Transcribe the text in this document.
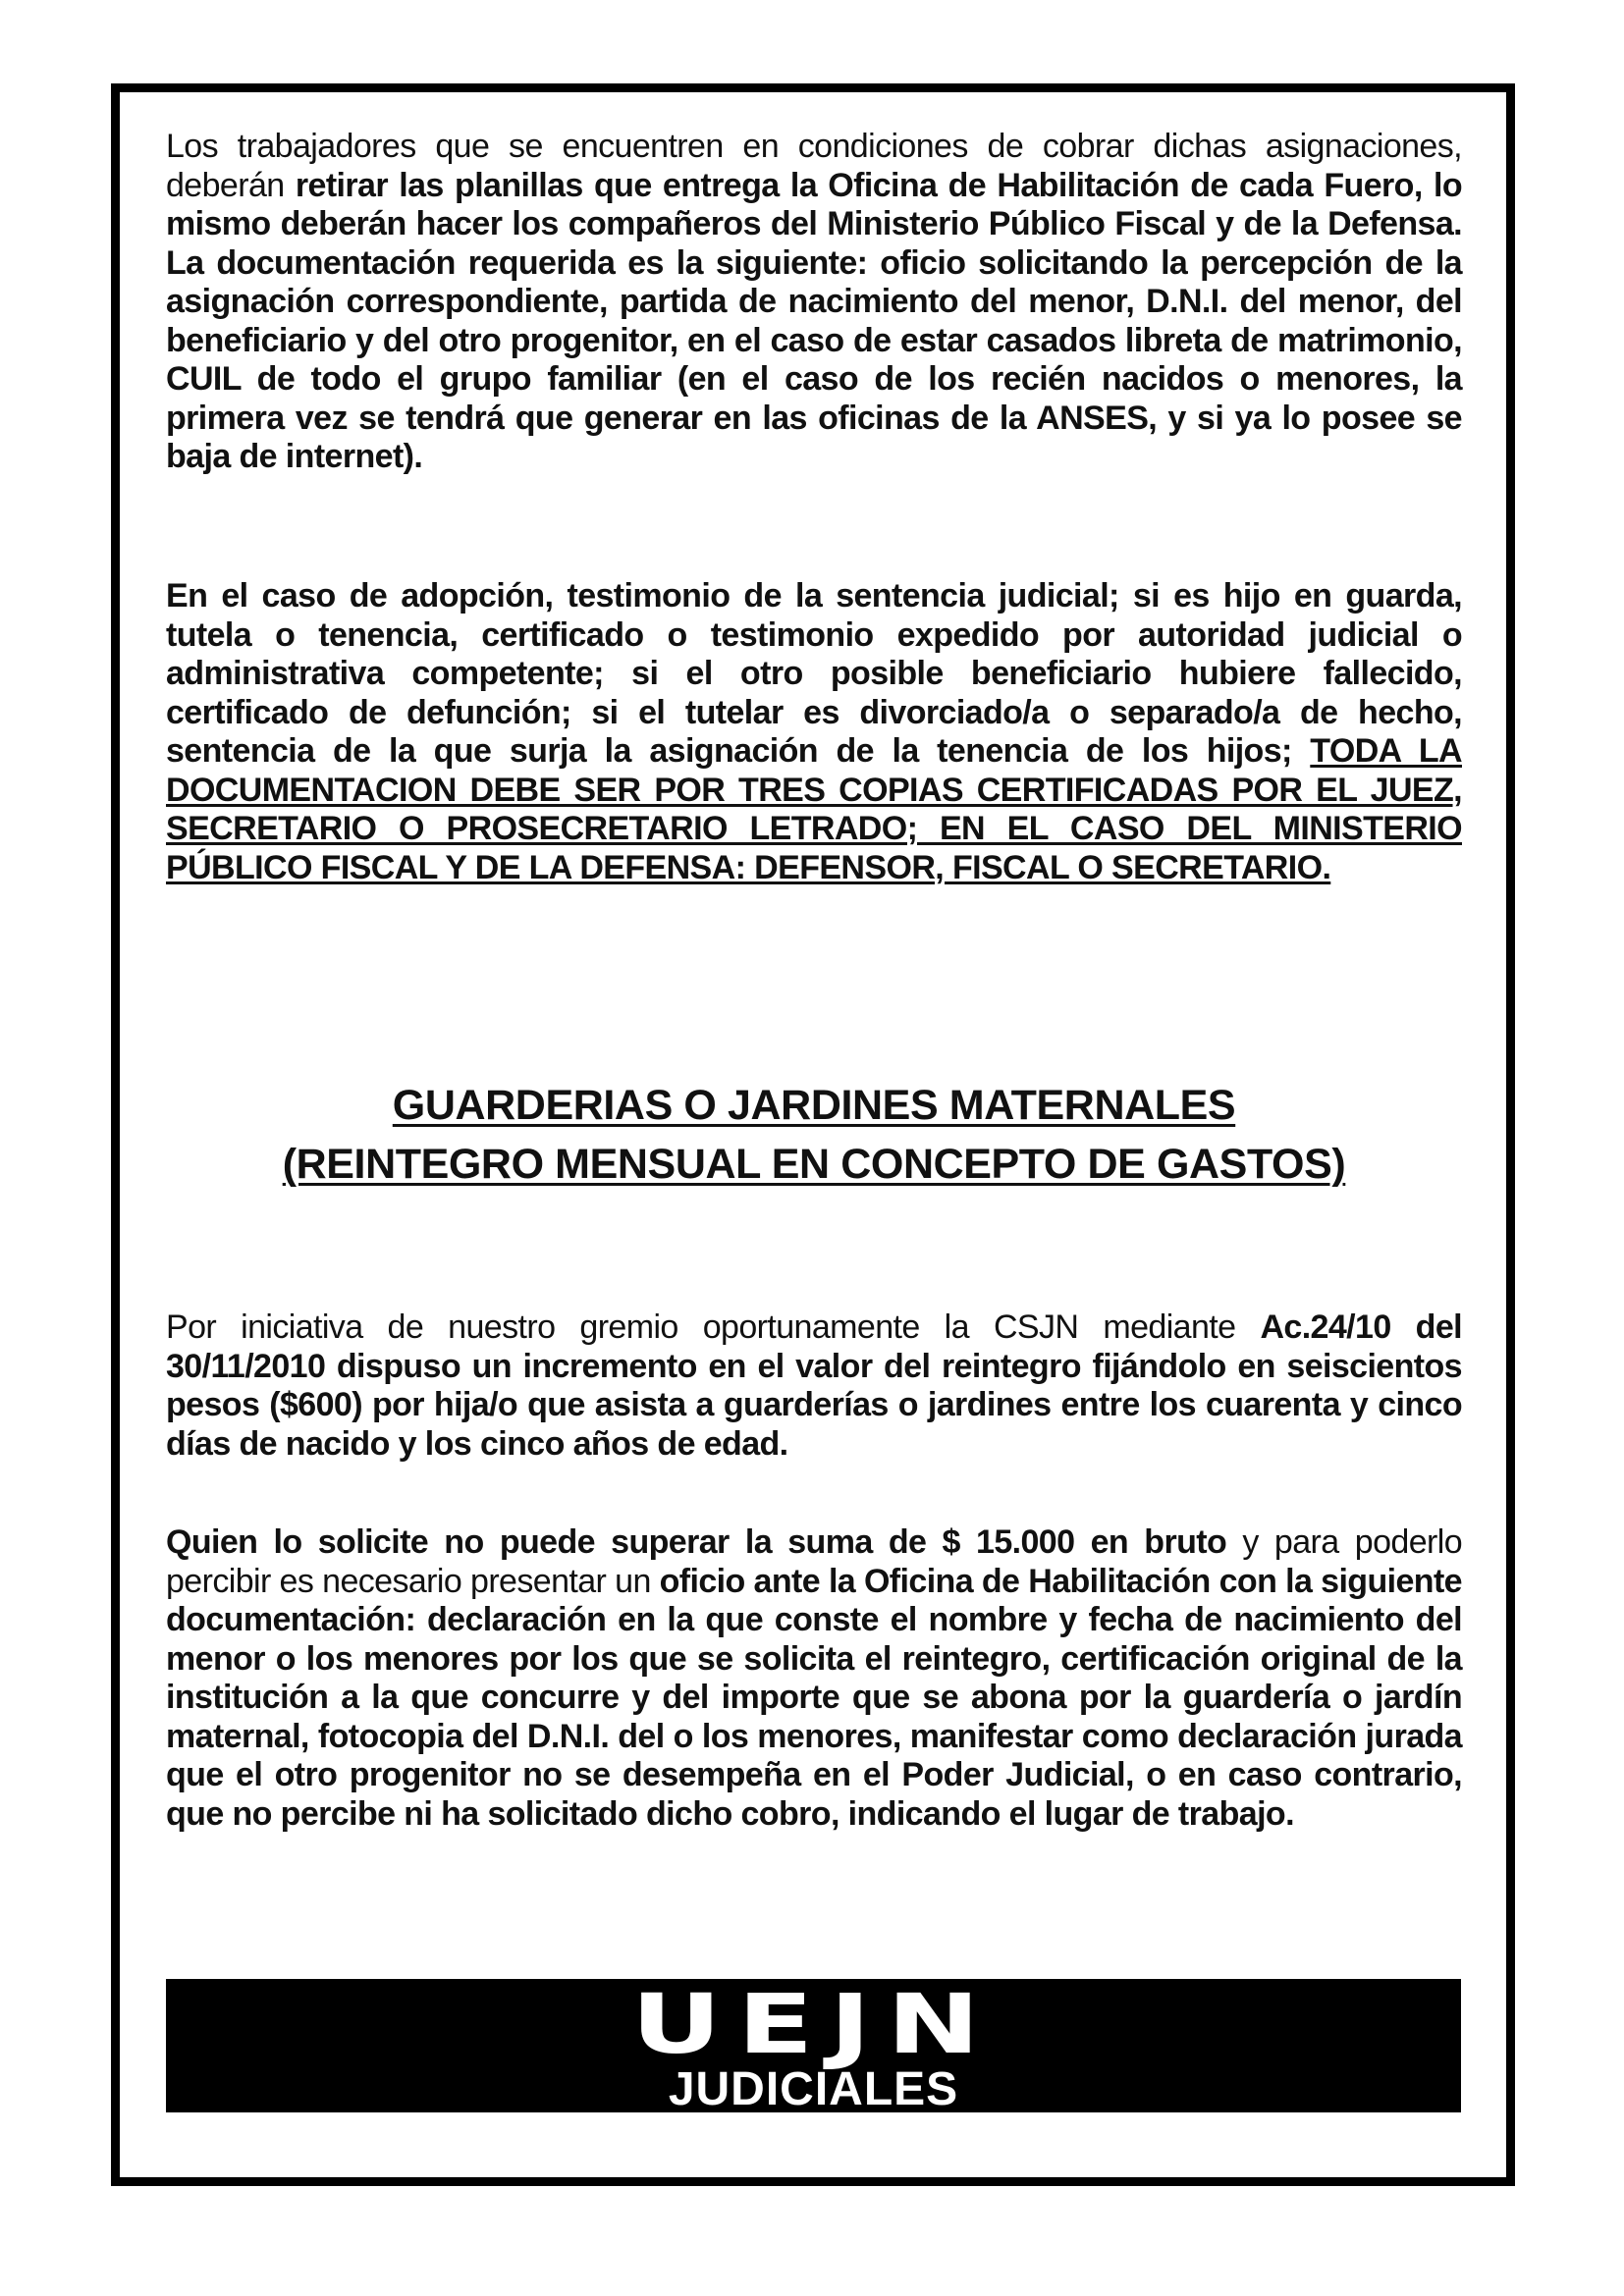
Los trabajadores que se encuentren en condiciones de cobrar dichas asignaciones, deberán retirar las planillas que entrega la Oficina de Habilitación de cada Fuero, lo mismo deberán hacer los compañeros del Ministerio Público Fiscal y de la Defensa. La documentación requerida es la siguiente: oficio solicitando la percepción de la asignación correspondiente, partida de nacimiento del menor, D.N.I. del menor, del beneficiario y del otro progenitor, en el caso de estar casados libreta de matrimonio, CUIL de todo el grupo familiar (en el caso de los recién nacidos o menores, la primera vez se tendrá que generar en las oficinas de la ANSES, y si ya lo posee se baja de internet).

En el caso de adopción, testimonio de la sentencia judicial; si es hijo en guarda, tutela o tenencia, certificado o testimonio expedido por autoridad judicial o administrativa competente; si el otro posible beneficiario hubiere fallecido, certificado de defunción; si el tutelar es divorciado/a o separado/a de hecho, sentencia de la que surja la asignación de la tenencia de los hijos; TODA LA DOCUMENTACION DEBE SER POR TRES COPIAS CERTIFICADAS POR EL JUEZ, SECRETARIO O PROSECRETARIO LETRADO; EN EL CASO DEL MINISTERIO PÚBLICO FISCAL Y DE LA DEFENSA: DEFENSOR, FISCAL O SECRETARIO.

GUARDERIAS O JARDINES MATERNALES
(REINTEGRO MENSUAL EN CONCEPTO DE GASTOS)

Por iniciativa de nuestro gremio oportunamente la CSJN mediante Ac.24/10 del 30/11/2010 dispuso un incremento en el valor del reintegro fijándolo en seiscientos pesos ($600) por hija/o que asista a guarderías o jardines entre los cuarenta y cinco días de nacido y los cinco años de edad.

Quien lo solicite no puede superar la suma de $ 15.000 en bruto y para poderlo percibir es necesario presentar un oficio ante la Oficina de Habilitación con la siguiente documentación: declaración en la que conste el nombre y fecha de nacimiento del menor o los menores por los que se solicita el reintegro, certificación original de la institución a la que concurre y del importe que se abona por la guardería o jardín maternal, fotocopia del D.N.I. del o los menores, manifestar como declaración jurada que el otro progenitor no se desempeña en el Poder Judicial, o en caso contrario, que no percibe ni ha solicitado dicho cobro, indicando el lugar de trabajo.

UEJN
JUDICIALES
